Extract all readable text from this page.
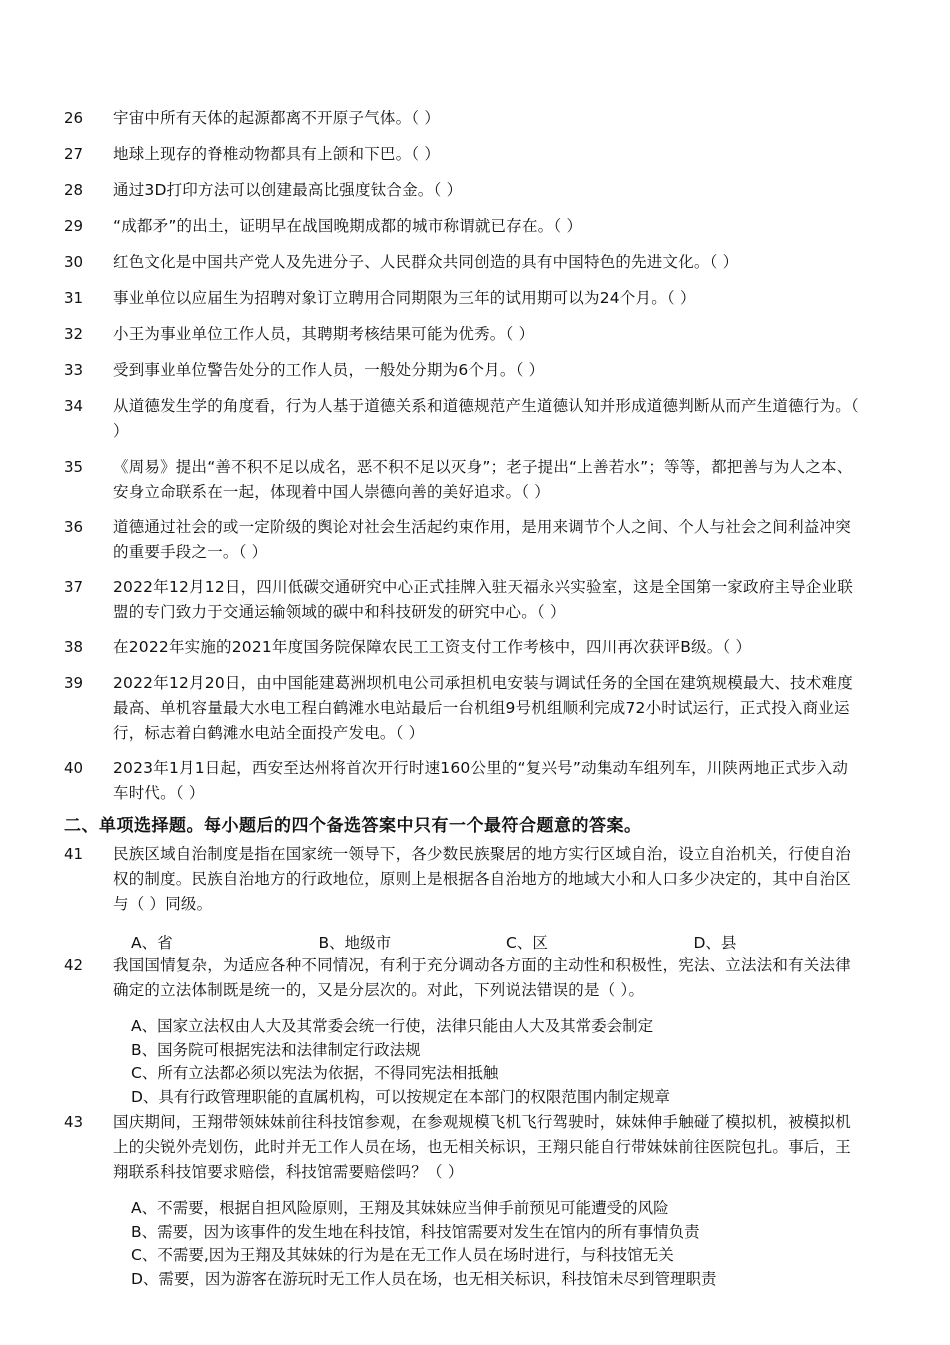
26 宇宙中所有天体的起源都离不开原子气体。（ ）
27 地球上现存的脊椎动物都具有上颌和下巴。（ ）
28 通过3D打印方法可以创建最高比强度钛合金。（ ）
29 “成都矛”的出土，证明早在战国晚期成都的城市称谓就已存在。（ ）
30 红色文化是中国共产党人及先进分子、人民群众共同创造的具有中国特色的先进文化。（ ）
31 事业单位以应届生为招聘对象订立聘用合同期限为三年的试用期可以为24个月。（ ）
32 小王为事业单位工作人员，其聘期考核结果可能为优秀。（ ）
33 受到事业单位警告处分的工作人员，一般处分期为6个月。（ ）
34 从道德发生学的角度看，行为人基于道德关系和道德规范产生道德认知并形成道德判断从而产生道德行为。（ ）
35 《周易》提出“善不积不足以成名，恶不积不足以灭身”；老子提出“上善若水”；等等，都把善与为人之本、安身立命联系在一起，体现着中国人崇德向善的美好追求。（ ）
36 道德通过社会的或一定阶级的舆论对社会生活起约束作用，是用来调节个人之间、个人与社会之间利益冲突的重要手段之一。（ ）
37 2022年12月12日，四川低碳交通研究中心正式挂牌入驻天福永兴实验室，这是全国第一家政府主导企业联盟的专门致力于交通运输领域的碳中和科技研发的研究中心。（ ）
38 在2022年实施的2021年度国务院保障农民工工资支付工作考核中，四川再次获评B级。（ ）
39 2022年12月20日，由中国能建葛洲坝机电公司承担机电安装与调试任务的全国在建筑规模最大、技术难度最高、单机容量最大水电工程白鹤滩水电站最后一台机组9号机组顺利完成72小时试运行，正式投入商业运行，标志着白鹤滩水电站全面投产发电。（ ）
40 2023年1月1日起，西安至达州将首次开行时速160公里的“复兴号”动集动车组列车，川陕两地正式步入动车时代。（ ）
二、单项选择题。每小题后的四个备选答案中只有一个最符合题意的答案。
41 民族区域自治制度是指在国家统一领导下，各少数民族聚居的地方实行区域自治，设立自治机关，行使自治权的制度。民族自治地方的行政地位，原则上是根据各自治地方的地域大小和人口多少决定的，其中自治区与（ ）同级。
A、省	B、地级市	C、区	D、县
42 我国国情复杂，为适应各种不同情况，有利于充分调动各方面的主动性和积极性，宪法、立法法和有关法律确定的立法体制既是统一的，又是分层次的。对此，下列说法错误的是（ ）。
A、国家立法权由人大及其常委会统一行使，法律只能由人大及其常委会制定
B、国务院可根据宪法和法律制定行政法规
C、所有立法都必须以宪法为依据，不得同宪法相抵触
D、具有行政管理职能的直属机构，可以按规定在本部门的权限范围内制定规章
43 国庆期间，王翔带领妹妹前往科技馆参观，在参观规模飞机飞行驾驶时，妹妹伸手触碰了模拟机，被模拟机上的尖锐外壳划伤，此时并无工作人员在场，也无相关标识，王翔只能自行带妹妹前往医院包扎。事后，王翔联系科技馆要求赔偿，科技馆需要赔偿吗？（ ）
A、不需要，根据自担风险原则，王翔及其妹妹应当伸手前预见可能遭受的风险
B、需要，因为该事件的发生地在科技馆，科技馆需要对发生在馆内的所有事情负责
C、不需要,因为王翔及其妹妹的行为是在无工作人员在场时进行，与科技馆无关
D、需要，因为游客在游玩时无工作人员在场，也无相关标识，科技馆未尽到管理职责
